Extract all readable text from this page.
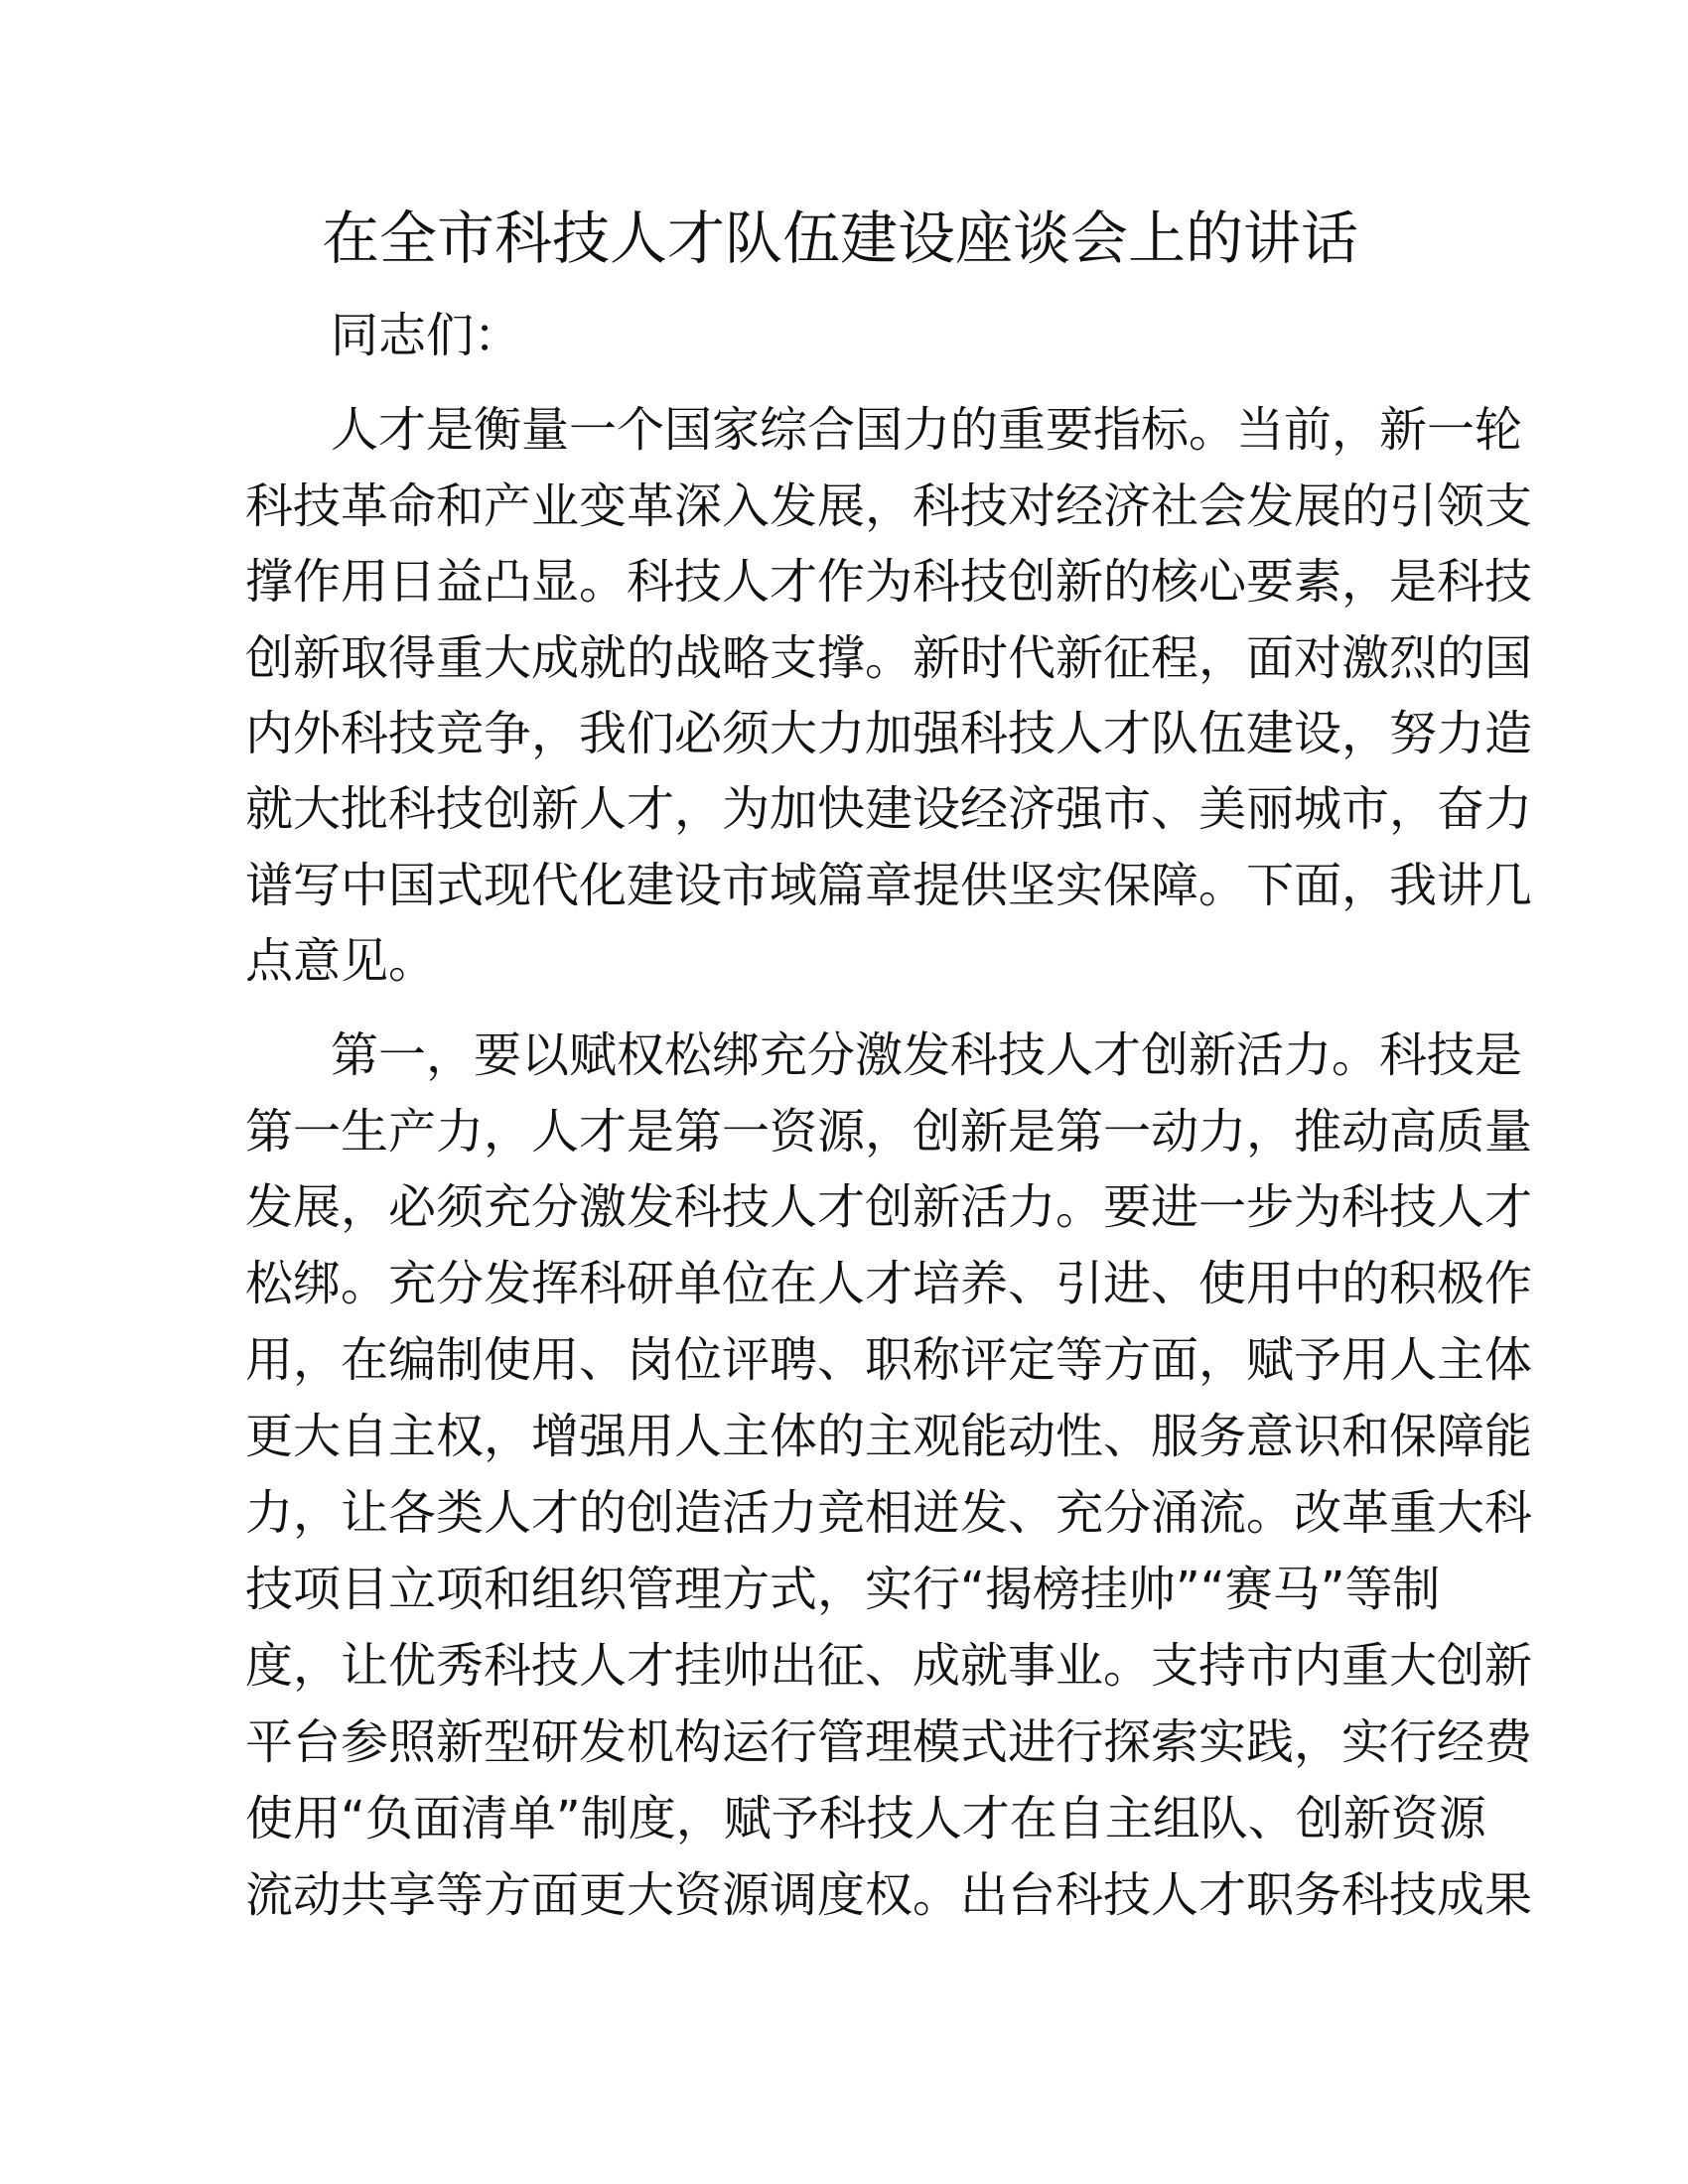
在全市科技人才队伍建设座谈会上的讲话
同志们：
人才是衡量一个国家综合国力的重要指标。当前，新一轮
科技革命和产业变革深入发展，科技对经济社会发展的引领支
撑作用日益凸显。科技人才作为科技创新的核心要素，是科技
创新取得重大成就的战略支撑。新时代新征程，面对激烈的国
内外科技竞争，我们必须大力加强科技人才队伍建设，努力造
就大批科技创新人才，为加快建设经济强市、美丽城市，奋力
谱写中国式现代化建设市域篇章提供坚实保障。下面，我讲几
点意见。
第一，要以赋权松绑充分激发科技人才创新活力。科技是
第一生产力，人才是第一资源，创新是第一动力，推动高质量
发展，必须充分激发科技人才创新活力。要进一步为科技人才
松绑。充分发挥科研单位在人才培养、引进、使用中的积极作
用，在编制使用、岗位评聘、职称评定等方面，赋予用人主体
更大自主权，增强用人主体的主观能动性、服务意识和保障能
力，让各类人才的创造活力竞相迸发、充分涌流。改革重大科
技项目立项和组织管理方式，实行“揭榜挂帅”“赛马”等制
度，让优秀科技人才挂帅出征、成就事业。支持市内重大创新
平台参照新型研发机构运行管理模式进行探索实践，实行经费
使用“负面清单”制度，赋予科技人才在自主组队、创新资源
流动共享等方面更大资源调度权。出台科技人才职务科技成果
